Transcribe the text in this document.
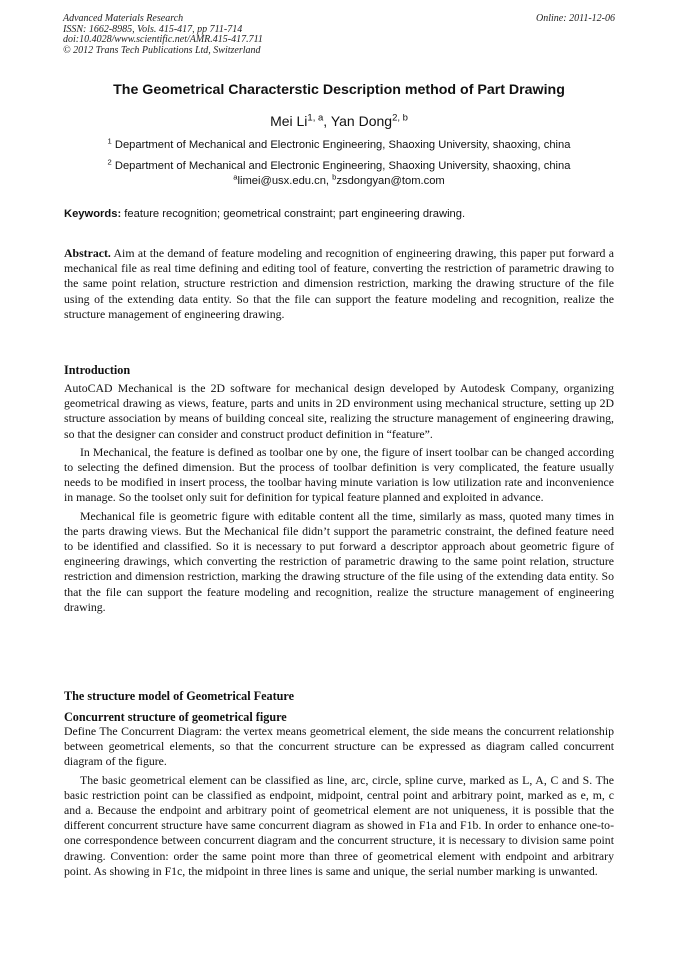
Advanced Materials Research
ISSN: 1662-8985, Vols. 415-417, pp 711-714
doi:10.4028/www.scientific.net/AMR.415-417.711
© 2012 Trans Tech Publications Ltd, Switzerland
Online: 2011-12-06
The Geometrical Characterstic Description method of Part Drawing
Mei Li$^{1, a}$, Yan Dong$^{2, b}$
$^1$ Department of Mechanical and Electronic Engineering, Shaoxing University, shaoxing, china
$^2$ Department of Mechanical and Electronic Engineering, Shaoxing University, shaoxing, china
$^a$limei@usx.edu.cn, $^b$zsdongyan@tom.com
Keywords: feature recognition; geometrical constraint; part engineering drawing.

Abstract. Aim at the demand of feature modeling and recognition of engineering drawing, this paper put forward a mechanical file as real time defining and editing tool of feature, converting the restriction of parametric drawing to the same point relation, structure restriction and dimension restriction, marking the drawing structure of the file using of the extending data entity. So that the file can support the feature modeling and recognition, realize the structure management of engineering drawing.

Introduction

AutoCAD Mechanical is the 2D software for mechanical design developed by Autodesk Company, organizing geometrical drawing as views, feature, parts and units in 2D environment using mechanical structure, setting up 2D structure association by means of building conceal site, realizing the structure management of engineering drawing, so that the designer can consider and construct product definition in “feature”.

In Mechanical, the feature is defined as toolbar one by one, the figure of insert toolbar can be changed according to selecting the defined dimension. But the process of toolbar definition is very complicated, the feature usually needs to be modified in insert process, the toolbar having minute variation is low utilization rate and inconvenience in manage. So the toolset only suit for definition for typical feature planned and exploited in advance.

Mechanical file is geometric figure with editable content all the time, similarly as mass, quoted many times in the parts drawing views. But the Mechanical file didn’t support the parametric constraint, the defined feature need to be identified and classified. So it is necessary to put forward a descriptor approach about geometric figure of engineering drawings, which converting the restriction of parametric drawing to the same point relation, structure restriction and dimension restriction, marking the drawing structure of the file using of the extending data entity. So that the file can support the feature modeling and recognition, realize the structure management of engineering drawing.

The structure model of Geometrical Feature
Concurrent structure of geometrical figure

Define The Concurrent Diagram: the vertex means geometrical element, the side means the concurrent relationship between geometrical elements, so that the concurrent structure can be expressed as diagram called concurrent diagram of the figure.

The basic geometrical element can be classified as line, arc, circle, spline curve, marked as L, A, C and S. The basic restriction point can be classified as endpoint, midpoint, central point and arbitrary point, marked as e, m, c and a. Because the endpoint and arbitrary point of geometrical element are not uniqueness, it is possible that the different concurrent structure have same concurrent diagram as showed in F1a and F1b. In order to enhance one-to-one correspondence between concurrent diagram and the concurrent structure, it is necessary to division same point drawing. Convention: order the same point more than three of geometrical element with endpoint and arbitrary point. As showing in F1c, the midpoint in three lines is same and unique, the serial number marking is unwanted.
